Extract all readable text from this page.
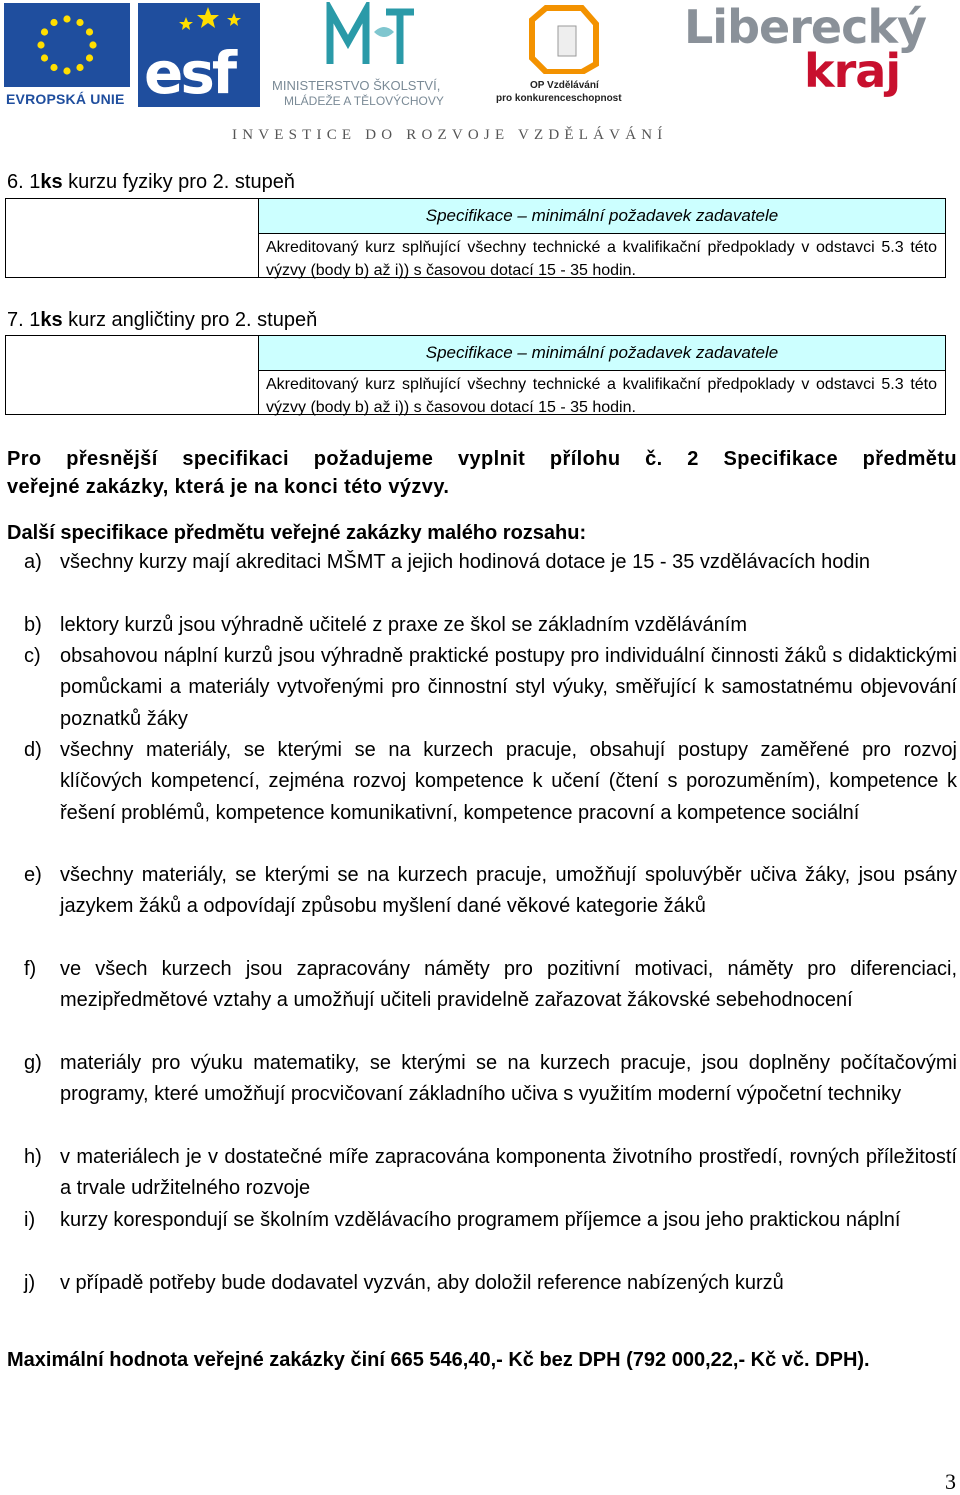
EVROPSKÁ UNIE esf	MINISTERSTVO ŠKOLSTVÍ,
MLÁDEŽE A TĚLOVÝCHOVY
OP Vzdělávání
pro konkurenceschopnost
Liberecký
kraj
INVESTICE DO ROZVOJE VZDĚLÁVÁNÍ
6. 1ks kurzu fyziky pro 2. stupeň
Specifikace – minimální požadavek zadavatele
Akreditovaný kurz splňující všechny technické a kvalifikační předpoklady v odstavci 5.3 této výzvy (body b) až i)) s časovou dotací 15 - 35 hodin.
7. 1ks kurz angličtiny pro 2. stupeň
Specifikace – minimální požadavek zadavatele
Akreditovaný kurz splňující všechny technické a kvalifikační předpoklady v odstavci 5.3 této výzvy (body b) až i)) s časovou dotací 15 - 35 hodin.
Pro přesnější specifikaci požadujeme vyplnit přílohu č. 2 Specifikace předmětu
veřejné zakázky, která je na konci této výzvy.
Další specifikace předmětu veřejné zakázky malého rozsahu:
a) všechny kurzy mají akreditaci MŠMT a jejich hodinová dotace je 15 - 35 vzdělávacích hodin
b) lektory kurzů jsou výhradně učitelé z praxe ze škol se základním vzděláváním
c) obsahovou náplní kurzů jsou výhradně praktické postupy pro individuální činnosti žáků s didaktickými pomůckami a materiály vytvořenými pro činnostní styl výuky, směřující k samostatnému objevování poznatků žáky
d) všechny materiály, se kterými se na kurzech pracuje, obsahují postupy zaměřené pro rozvoj klíčových kompetencí, zejména rozvoj kompetence k učení (čtení s porozuměním), kompetence k řešení problémů, kompetence komunikativní, kompetence pracovní a kompetence sociální
e) všechny materiály, se kterými se na kurzech pracuje, umožňují spoluvýběr učiva žáky, jsou psány jazykem žáků a odpovídají způsobu myšlení dané věkové kategorie žáků
f) ve všech kurzech jsou zapracovány náměty pro pozitivní motivaci, náměty pro diferenciaci, mezipředmětové vztahy a umožňují učiteli pravidelně zařazovat žákovské sebehodnocení
g) materiály pro výuku matematiky, se kterými se na kurzech pracuje, jsou doplněny počítačovými programy, které umožňují procvičovaní základního učiva s využitím moderní výpočetní techniky
h) v materiálech je v dostatečné míře zapracována komponenta životního prostředí, rovných příležitostí a trvale udržitelného rozvoje
i) kurzy korespondují se školním vzdělávacího programem příjemce a jsou jeho praktickou náplní
j) v případě potřeby bude dodavatel vyzván, aby doložil reference nabízených kurzů
Maximální hodnota veřejné zakázky činí 665 546,40,- Kč bez DPH (792 000,22,- Kč vč. DPH).
3
